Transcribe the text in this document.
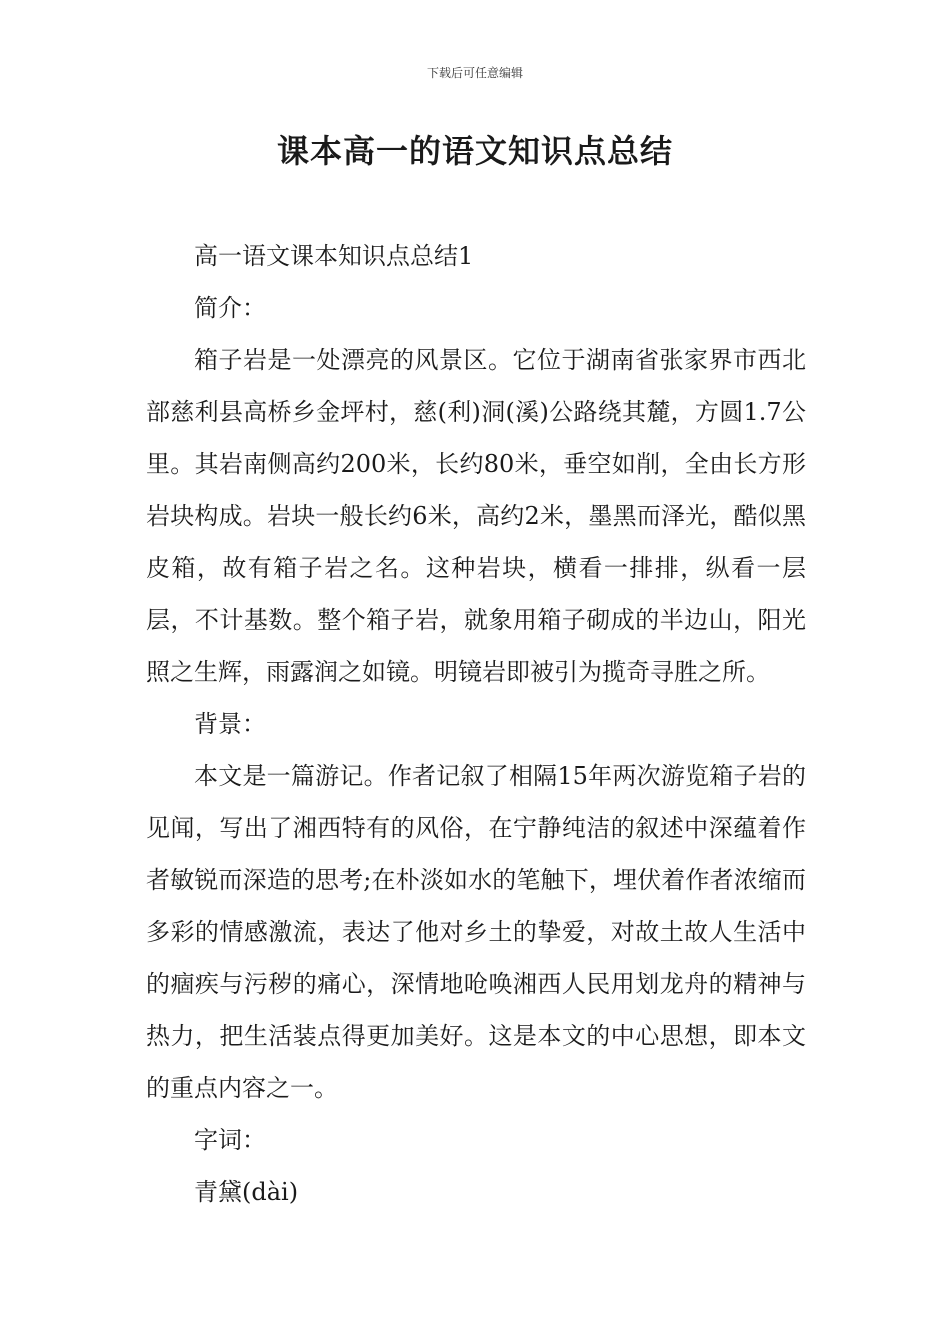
下载后可任意编辑
课本高一的语文知识点总结

高一语文课本知识点总结1

简介：

箱子岩是一处漂亮的风景区。它位于湖南省张家界市西北部慈利县高桥乡金坪村，慈(利)洞(溪)公路绕其麓，方圆1.7公里。其岩南侧高约200米，长约80米，垂空如削，全由长方形岩块构成。岩块一般长约6米，高约2米，墨黑而泽光，酷似黑皮箱，故有箱子岩之名。这种岩块，横看一排排，纵看一层层，不计基数。整个箱子岩，就象用箱子砌成的半边山，阳光照之生辉，雨露润之如镜。明镜岩即被引为揽奇寻胜之所。

背景：

本文是一篇游记。作者记叙了相隔15年两次游览箱子岩的见闻，写出了湘西特有的风俗，在宁静纯洁的叙述中深蕴着作者敏锐而深造的思考;在朴淡如水的笔触下，埋伏着作者浓缩而多彩的情感激流，表达了他对乡土的挚爱，对故土故人生活中的痼疾与污秽的痛心，深情地呛唤湘西人民用划龙舟的精神与热力，把生活装点得更加美好。这是本文的中心思想，即本文的重点内容之一。

字词：

青黛(dài)
